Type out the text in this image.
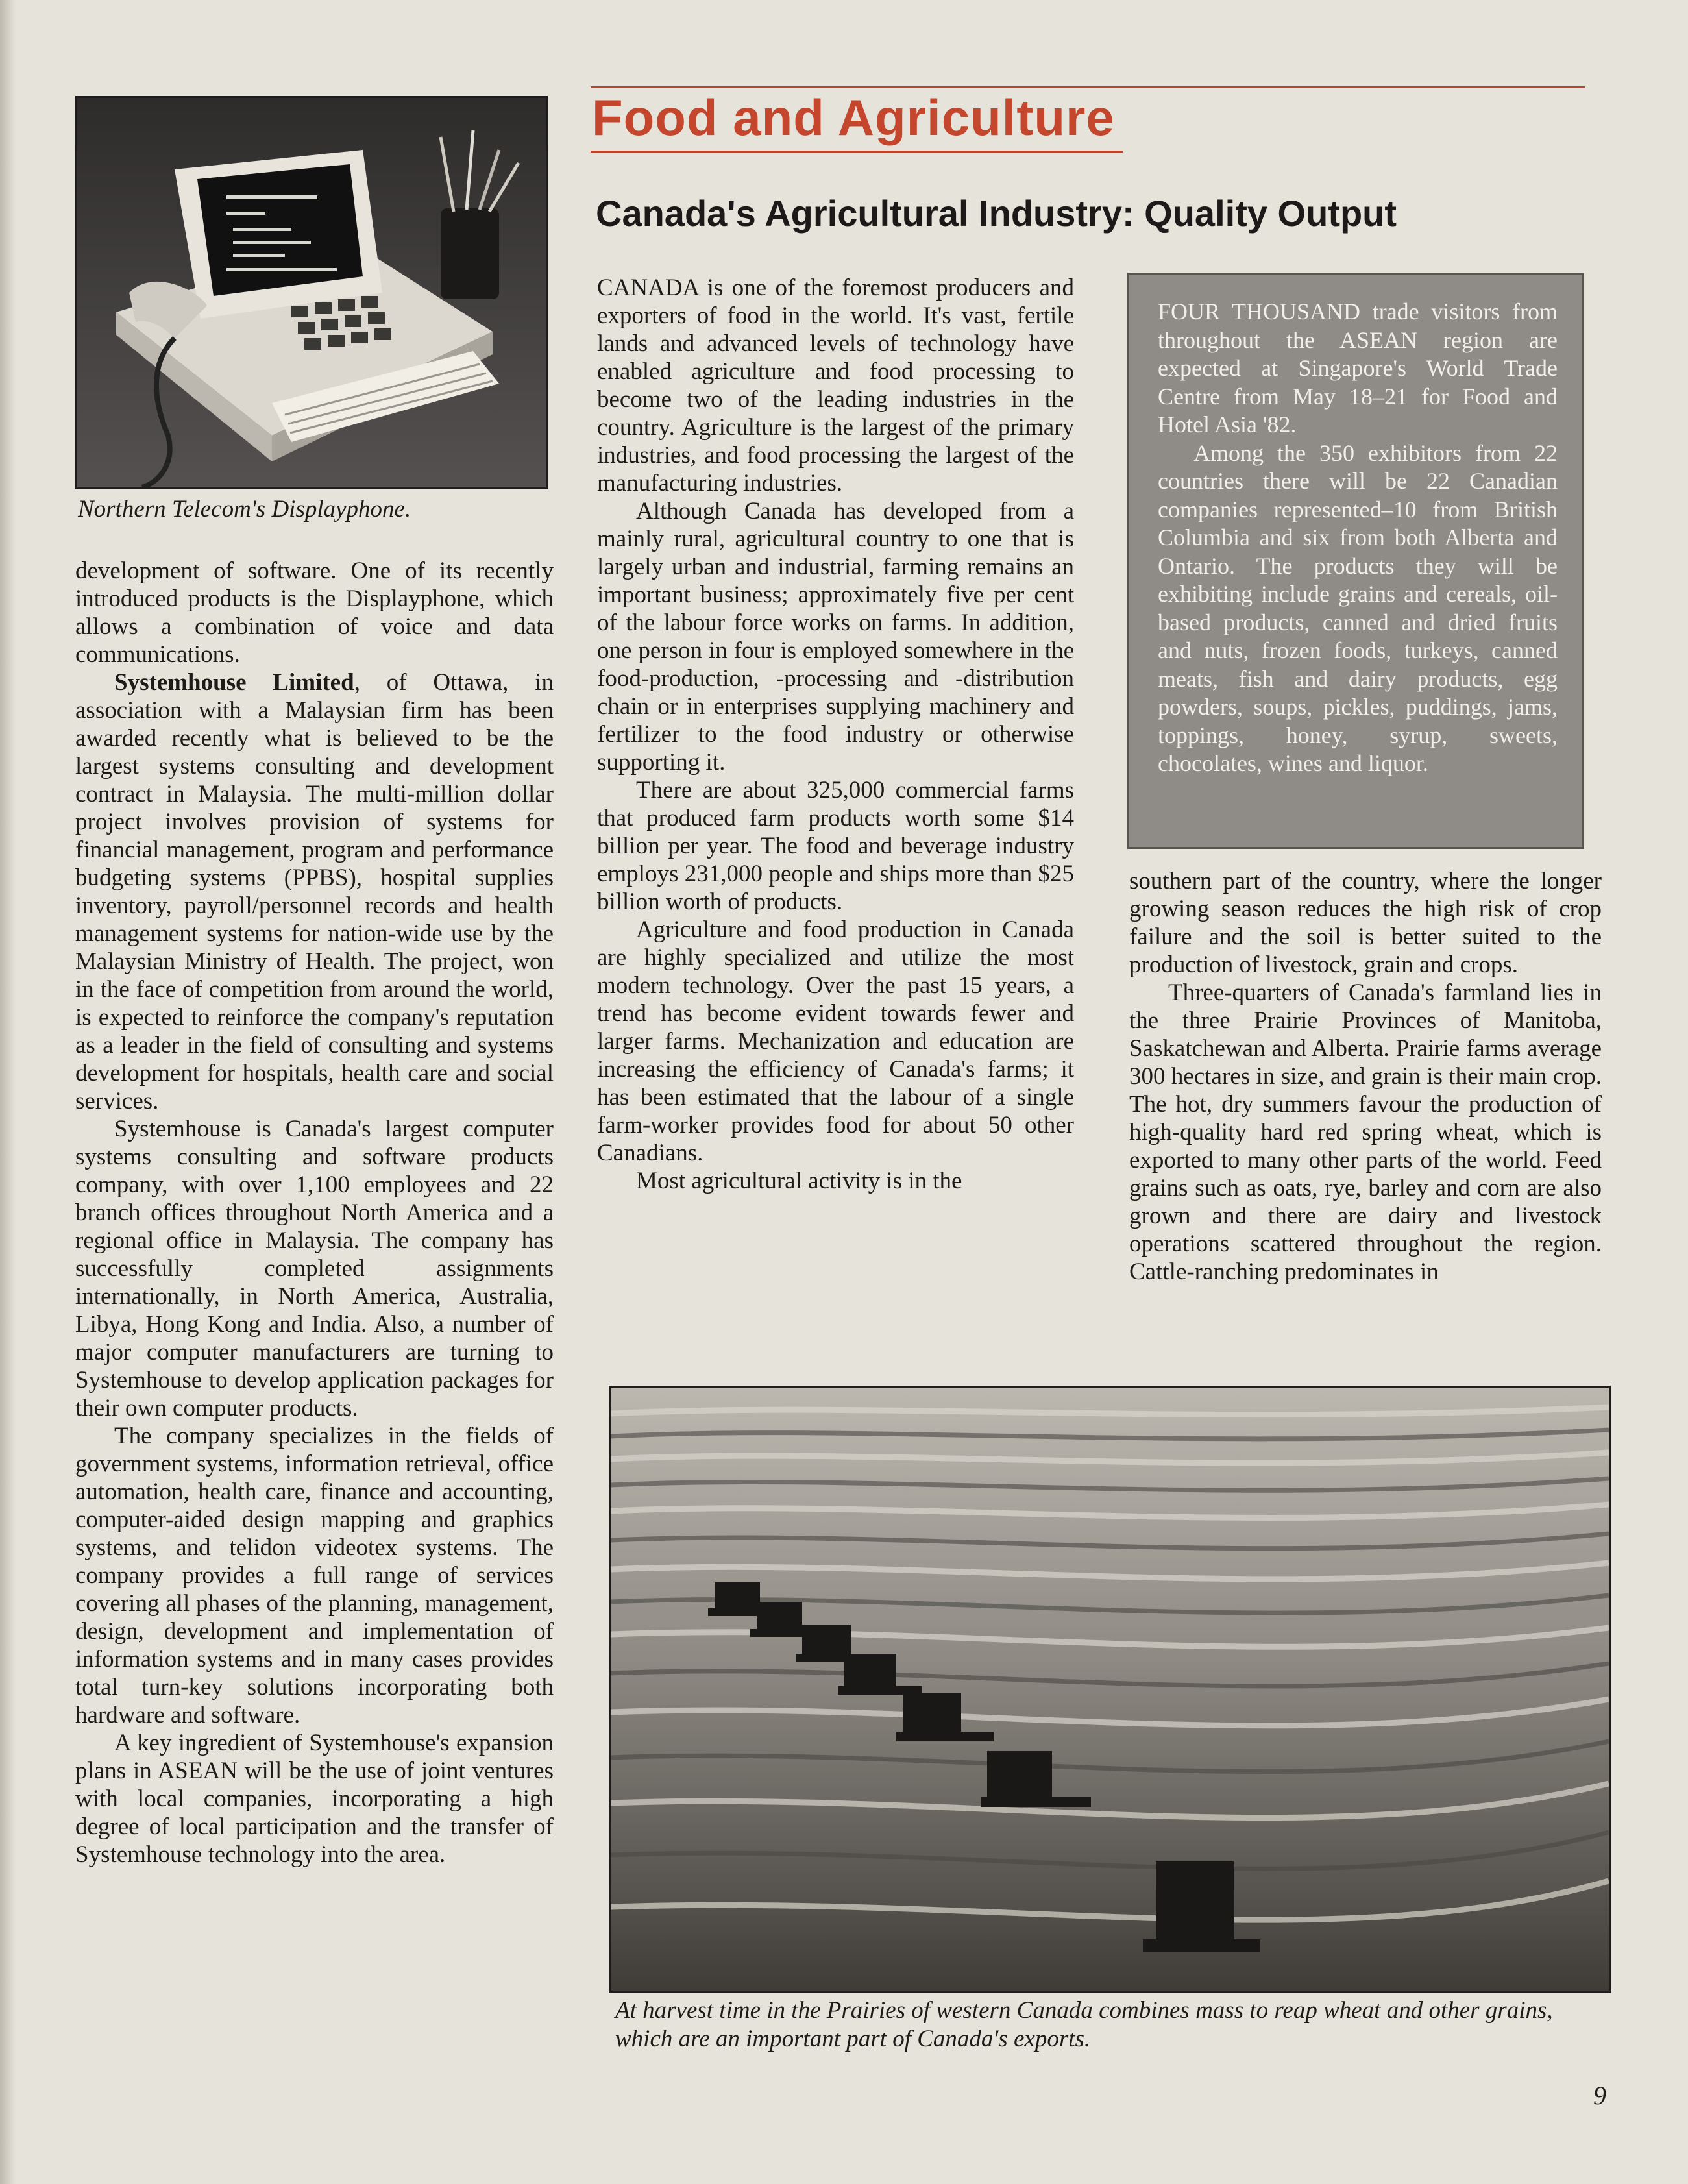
Northern Telecom's Displayphone.

development of software. One of its recently introduced products is the Displayphone, which allows a combination of voice and data communications.

Systemhouse Limited, of Ottawa, in association with a Malaysian firm has been awarded recently what is believed to be the largest systems consulting and development contract in Malaysia. The multi-million dollar project involves provision of systems for financial management, program and performance budgeting systems (PPBS), hospital supplies inventory, payroll/personnel records and health management systems for nation-wide use by the Malaysian Ministry of Health. The project, won in the face of competition from around the world, is expected to reinforce the company's reputation as a leader in the field of consulting and systems development for hospitals, health care and social services.

Systemhouse is Canada's largest computer systems consulting and software products company, with over 1,100 employees and 22 branch offices throughout North America and a regional office in Malaysia. The company has successfully completed assignments internationally, in North America, Australia, Libya, Hong Kong and India. Also, a number of major computer manufacturers are turning to Systemhouse to develop application packages for their own computer products.

The company specializes in the fields of government systems, information retrieval, office automation, health care, finance and accounting, computer-aided design mapping and graphics systems, and telidon videotex systems. The company provides a full range of services covering all phases of the planning, management, design, development and implementation of information systems and in many cases provides total turn-key solutions incorporating both hardware and software.

A key ingredient of Systemhouse's expansion plans in ASEAN will be the use of joint ventures with local companies, incorporating a high degree of local participation and the transfer of Systemhouse technology into the area.

Food and Agriculture
Canada's Agricultural Industry: Quality Output

CANADA is one of the foremost producers and exporters of food in the world. It's vast, fertile lands and advanced levels of technology have enabled agriculture and food processing to become two of the leading industries in the country. Agriculture is the largest of the primary industries, and food processing the largest of the manufacturing industries.

Although Canada has developed from a mainly rural, agricultural country to one that is largely urban and industrial, farming remains an important business; approximately five per cent of the labour force works on farms. In addition, one person in four is employed somewhere in the food-production, -processing and -distribution chain or in enterprises supplying machinery and fertilizer to the food industry or otherwise supporting it.

There are about 325,000 commercial farms that produced farm products worth some $14 billion per year. The food and beverage industry employs 231,000 people and ships more than $25 billion worth of products.

Agriculture and food production in Canada are highly specialized and utilize the most modern technology. Over the past 15 years, a trend has become evident towards fewer and larger farms. Mechanization and education are increasing the efficiency of Canada's farms; it has been estimated that the labour of a single farm-worker provides food for about 50 other Canadians.

Most agricultural activity is in the

FOUR THOUSAND trade visitors from throughout the ASEAN region are expected at Singapore's World Trade Centre from May 18–21 for Food and Hotel Asia '82.

Among the 350 exhibitors from 22 countries there will be 22 Canadian companies represented–10 from British Columbia and six from both Alberta and Ontario. The products they will be exhibiting include grains and cereals, oil-based products, canned and dried fruits and nuts, frozen foods, turkeys, canned meats, fish and dairy products, egg powders, soups, pickles, puddings, jams, toppings, honey, syrup, sweets, chocolates, wines and liquor.

southern part of the country, where the longer growing season reduces the high risk of crop failure and the soil is better suited to the production of livestock, grain and crops.

Three-quarters of Canada's farmland lies in the three Prairie Provinces of Manitoba, Saskatchewan and Alberta. Prairie farms average 300 hectares in size, and grain is their main crop. The hot, dry summers favour the production of high-quality hard red spring wheat, which is exported to many other parts of the world. Feed grains such as oats, rye, barley and corn are also grown and there are dairy and livestock operations scattered throughout the region. Cattle-ranching predominates in

At harvest time in the Prairies of western Canada combines mass to reap wheat and other grains, which are an important part of Canada's exports.

9
